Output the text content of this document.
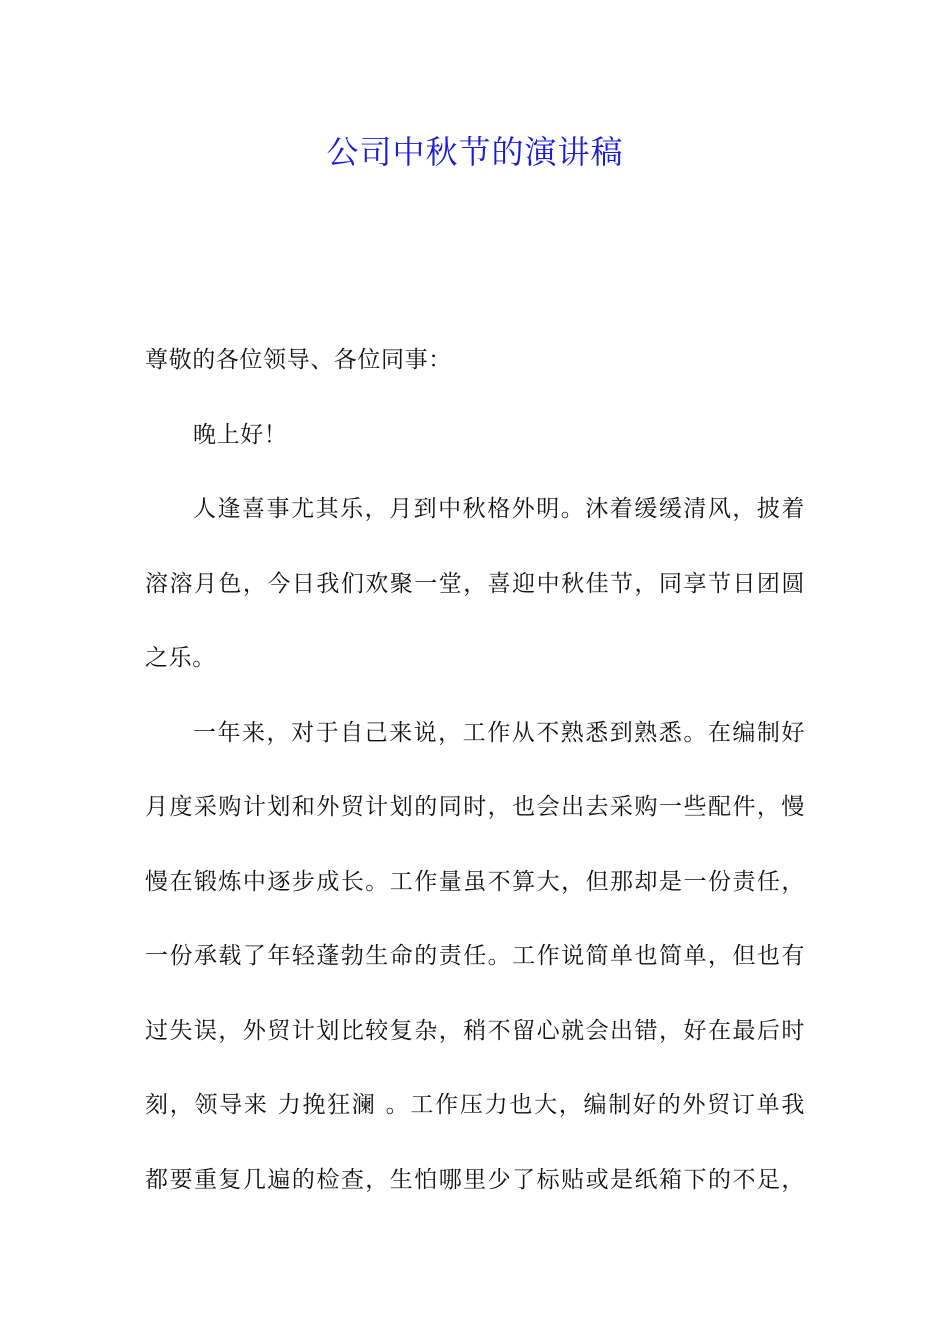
公司中秋节的演讲稿
尊敬的各位领导、各位同事：
晚上好！
人逢喜事尤其乐，月到中秋格外明。沐着缓缓清风，披着
溶溶月色，今日我们欢聚一堂，喜迎中秋佳节，同享节日团圆
之乐。
一年来，对于自己来说，工作从不熟悉到熟悉。在编制好
月度采购计划和外贸计划的同时，也会出去采购一些配件，慢
慢在锻炼中逐步成长。工作量虽不算大，但那却是一份责任，
一份承载了年轻蓬勃生命的责任。工作说简单也简单，但也有
过失误，外贸计划比较复杂，稍不留心就会出错，好在最后时
刻，领导来 力挽狂澜 。工作压力也大，编制好的外贸订单我
都要重复几遍的检查，生怕哪里少了标贴或是纸箱下的不足，
